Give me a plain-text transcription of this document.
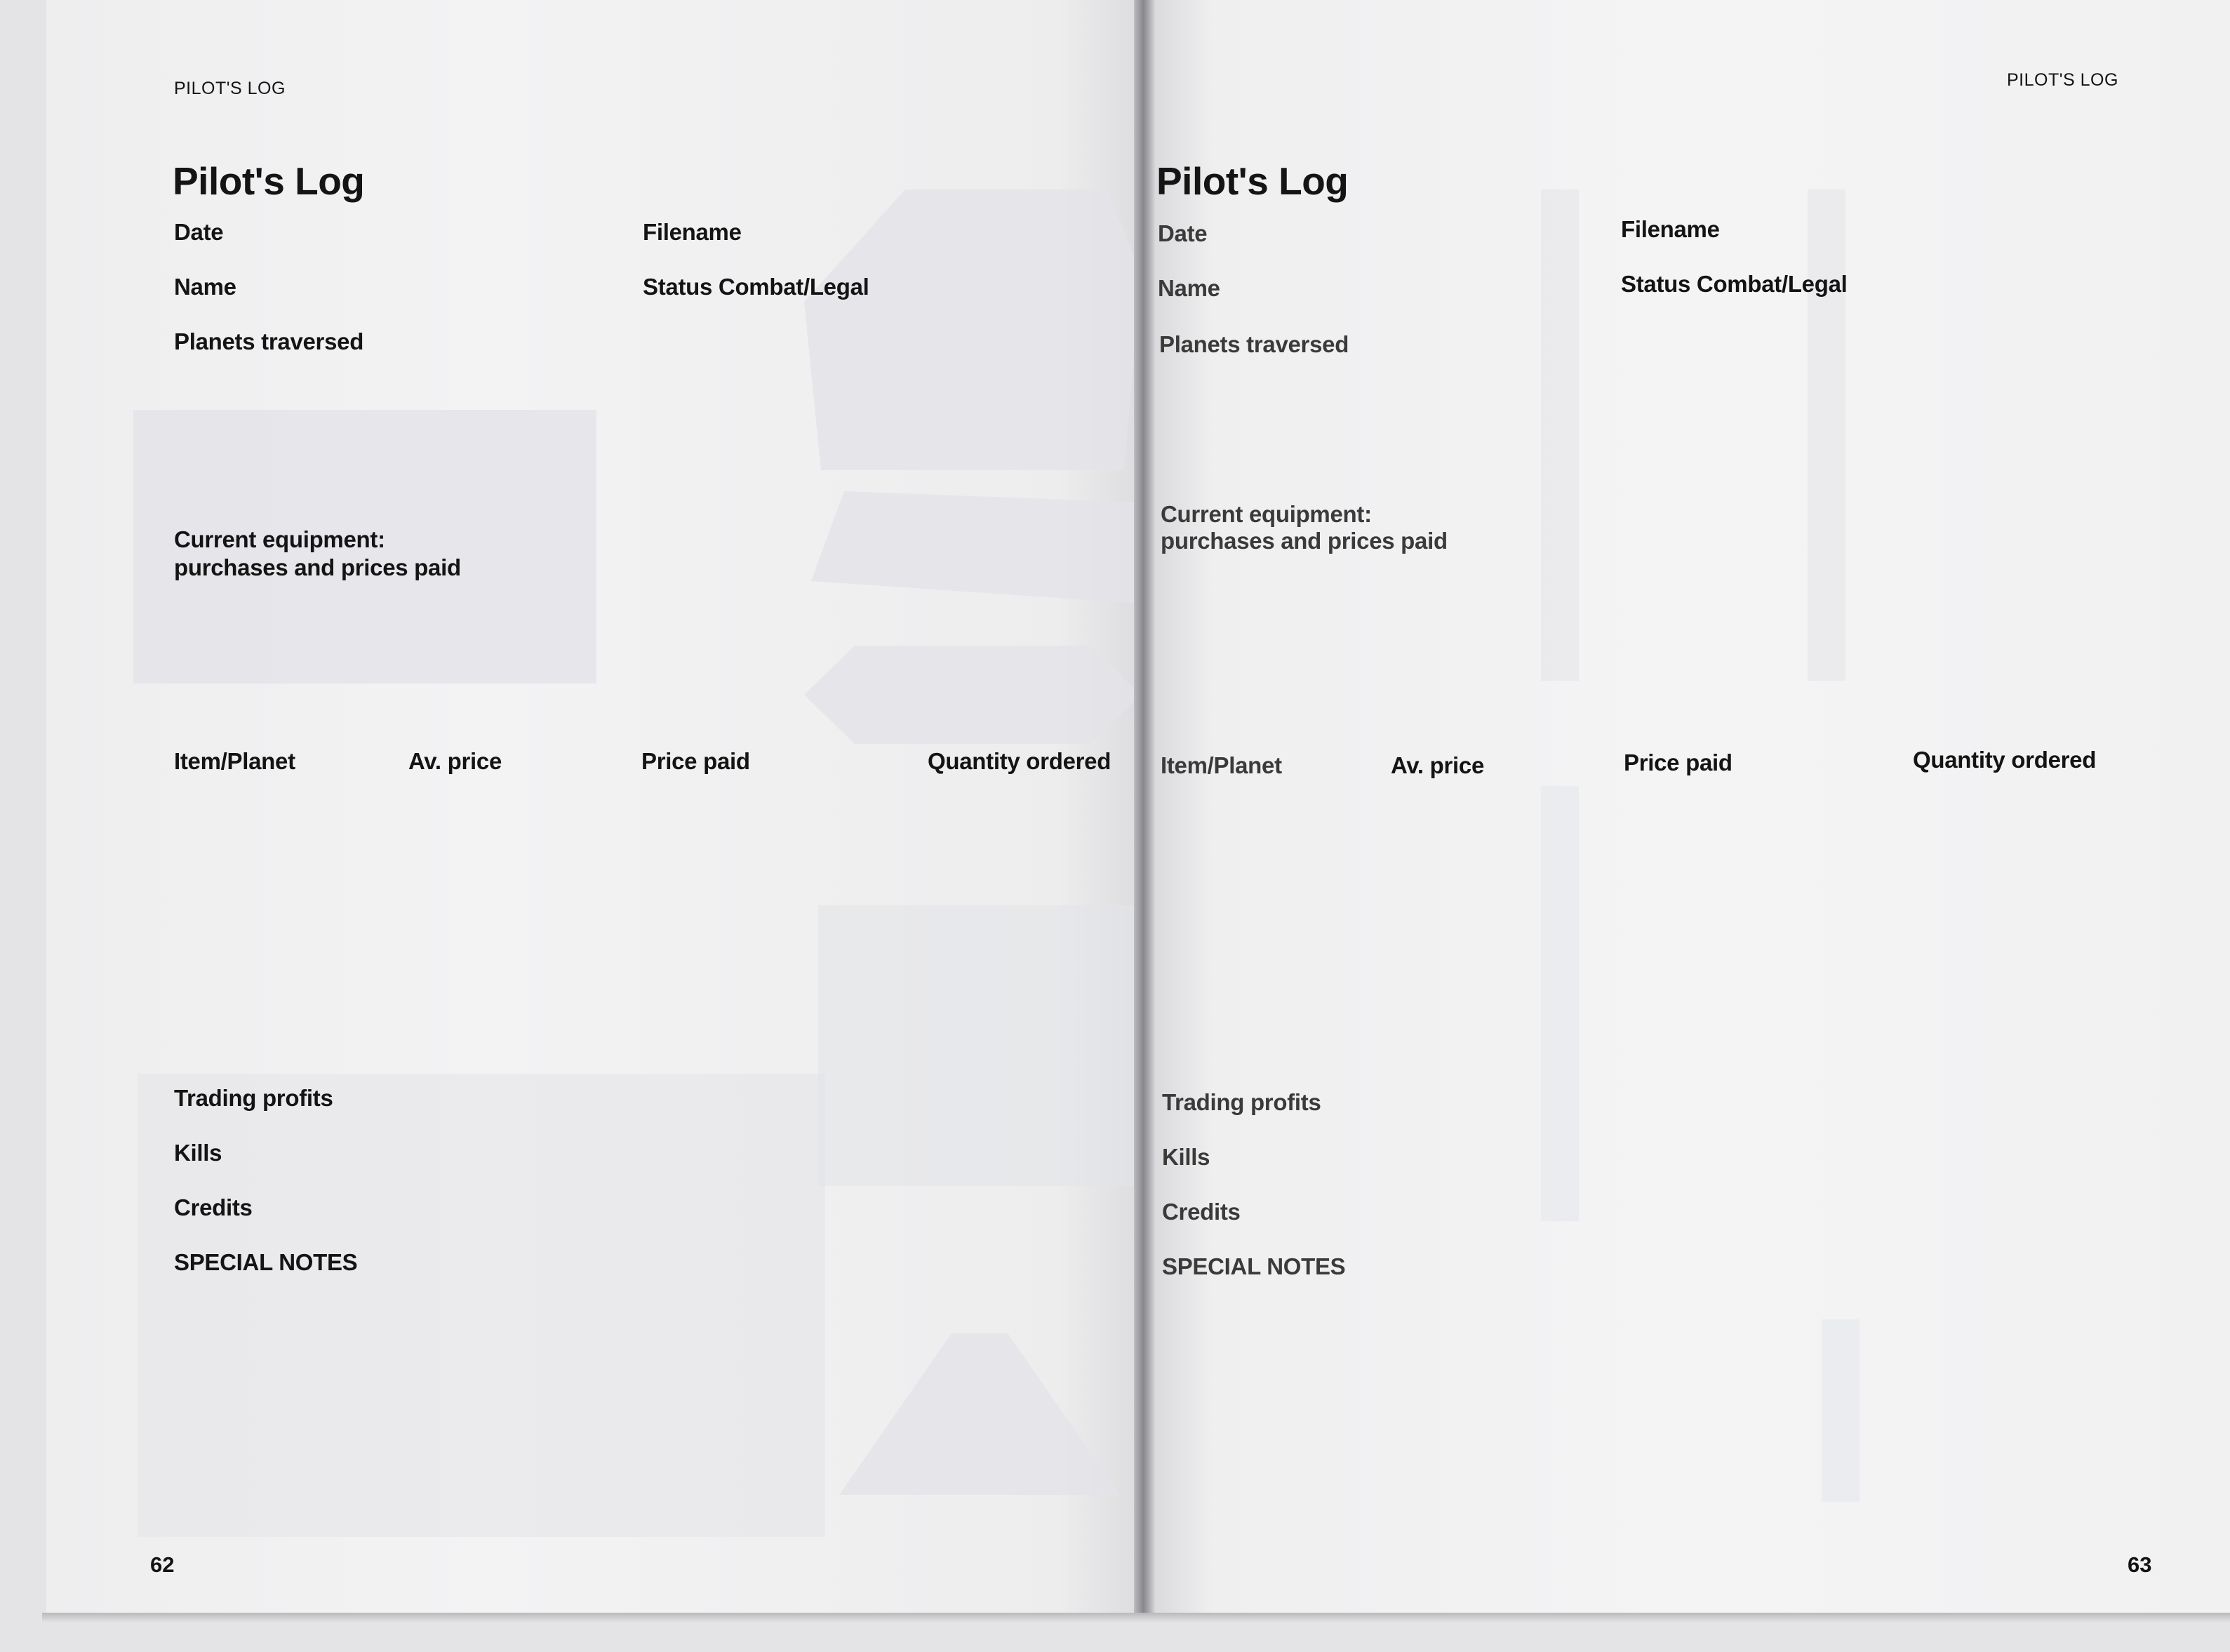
PILOT'S LOG
Pilot's Log
Date	Filename
Name	Status Combat/Legal
Planets traversed
Current equipment:
purchases and prices paid
Item/Planet	Av. price	Price paid	Quantity ordered
Trading profits
Kills
Credits
SPECIAL NOTES
62
PILOT'S LOG
Pilot's Log
Date	Filename
Name	Status Combat/Legal
Planets traversed
Current equipment:
purchases and prices paid
Item/Planet	Av. price	Price paid	Quantity ordered
Trading profits
Kills
Credits
SPECIAL NOTES
63
